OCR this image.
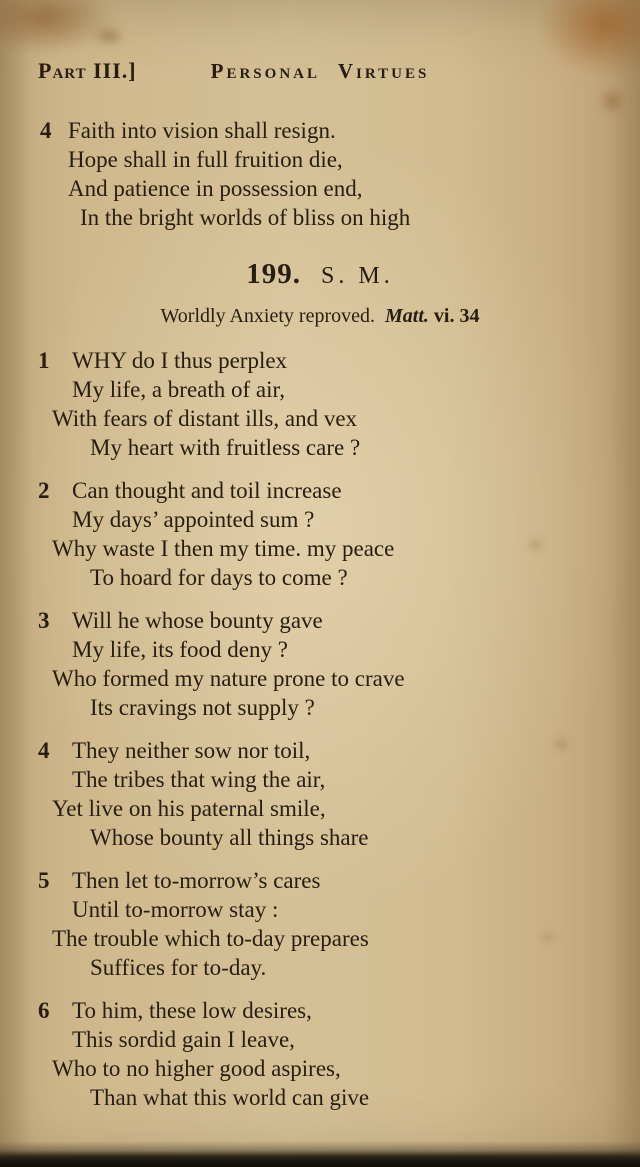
Part III.]	Personal Virtues
4 Faith into vision shall resign.
Hope shall in full fruition die,
And patience in possession end,
In the bright worlds of bliss on high
199. S. M.
Worldly Anxiety reproved. Matt. vi. 34
1 WHY do I thus perplex
My life, a breath of air,
With fears of distant ills, and vex
My heart with fruitless care ?
2 Can thought and toil increase
My days’ appointed sum ?
Why waste I then my time. my peace
To hoard for days to come ?
3 Will he whose bounty gave
My life, its food deny ?
Who formed my nature prone to crave
Its cravings not supply ?
4 They neither sow nor toil,
The tribes that wing the air,
Yet live on his paternal smile,
Whose bounty all things share
5 Then let to-morrow’s cares
Until to-morrow stay :
The trouble which to-day prepares
Suffices for to-day.
6 To him, these low desires,
This sordid gain I leave,
Who to no higher good aspires,
Than what this world can give
